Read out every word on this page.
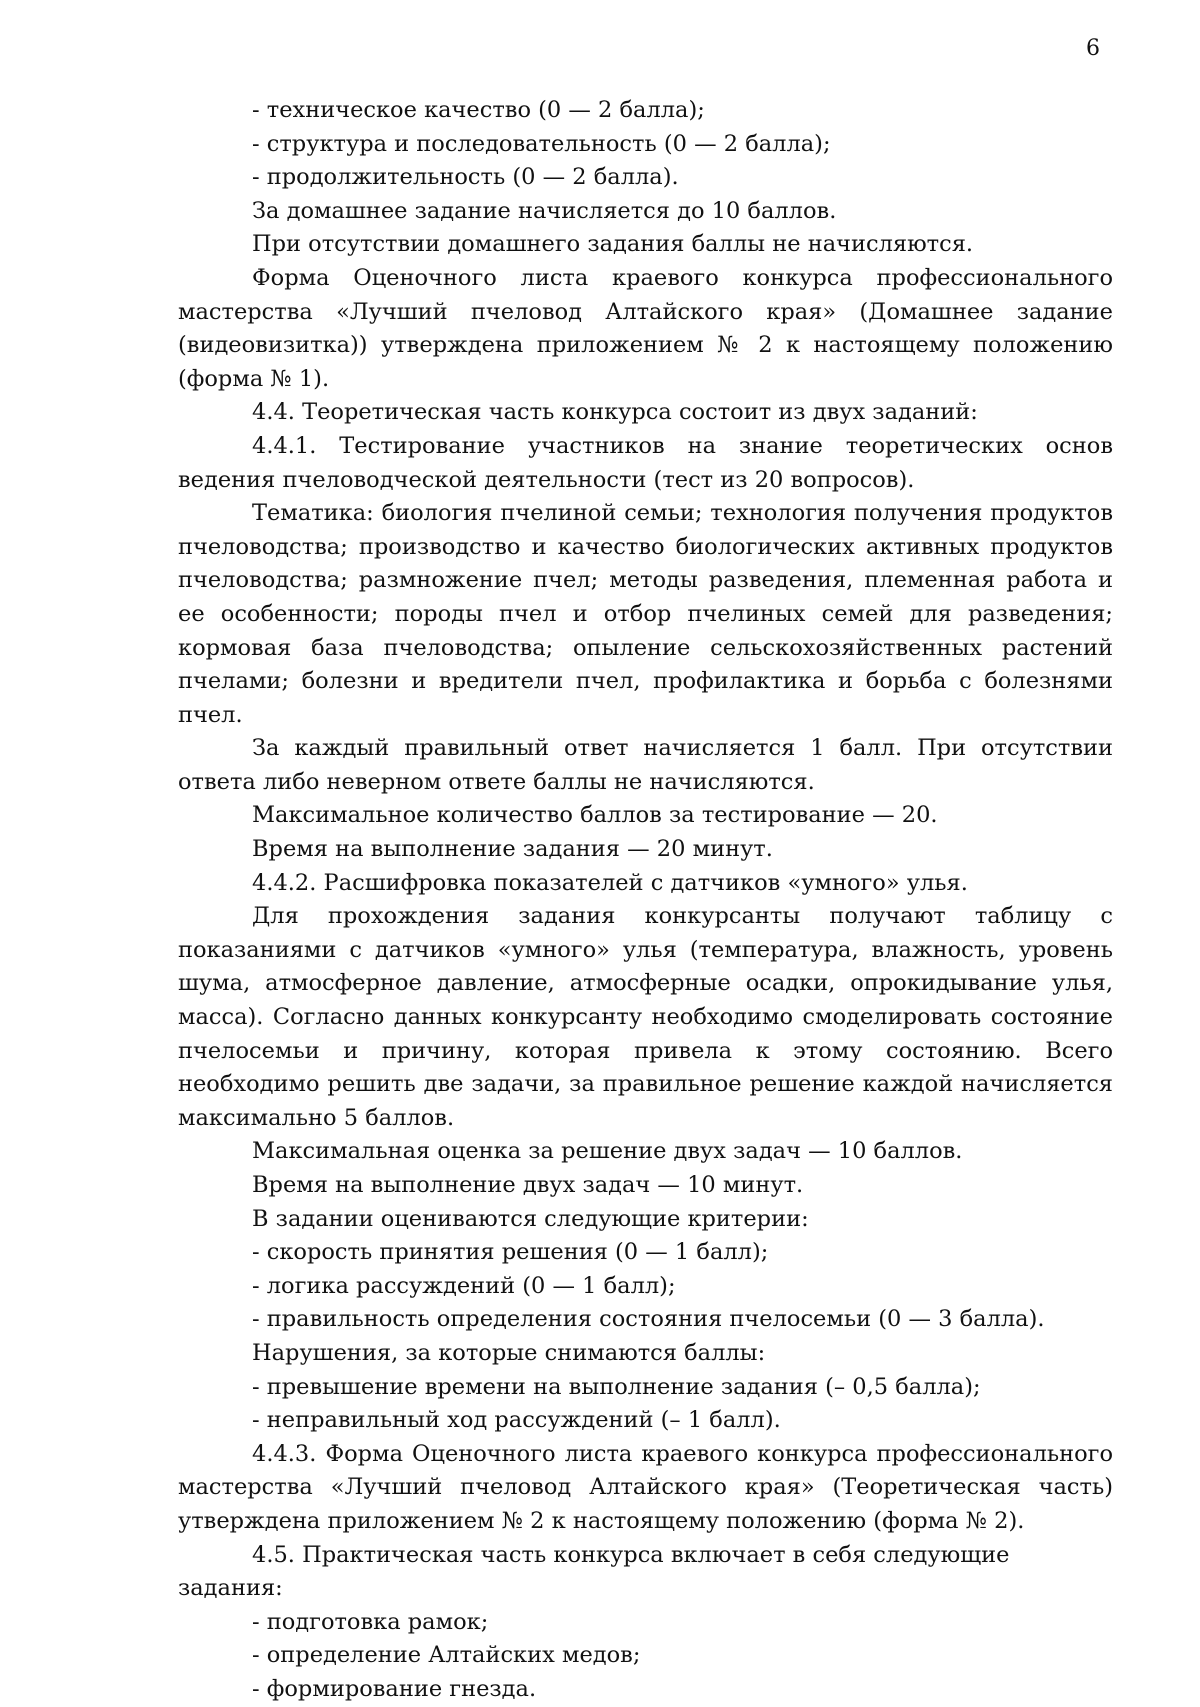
6

- техническое качество (0 — 2 балла);

- структура и последовательность (0 — 2 балла);

- продолжительность (0 — 2 балла).

За домашнее задание начисляется до 10 баллов.

При отсутствии домашнего задания баллы не начисляются.

Форма Оценочного листа краевого конкурса профессионального мастерства «Лучший пчеловод Алтайского края» (Домашнее задание (видеовизитка)) утверждена приложением № 2 к настоящему положению (форма № 1).

4.4. Теоретическая часть конкурса состоит из двух заданий:

4.4.1. Тестирование участников на знание теоретических основ ведения пчеловодческой деятельности (тест из 20 вопросов).

Тематика: биология пчелиной семьи; технология получения продуктов пчеловодства; производство и качество биологических активных продуктов пчеловодства; размножение пчел; методы разведения, племенная работа и ее особенности; породы пчел и отбор пчелиных семей для разведения; кормовая база пчеловодства; опыление сельскохозяйственных растений пчелами; болезни и вредители пчел, профилактика и борьба с болезнями пчел.

За каждый правильный ответ начисляется 1 балл. При отсутствии ответа либо неверном ответе баллы не начисляются.

Максимальное количество баллов за тестирование — 20.

Время на выполнение задания — 20 минут.

4.4.2. Расшифровка показателей с датчиков «умного» улья.

Для прохождения задания конкурсанты получают таблицу с показаниями с датчиков «умного» улья (температура, влажность, уровень шума, атмосферное давление, атмосферные осадки, опрокидывание улья, масса). Согласно данных конкурсанту необходимо смоделировать состояние пчелосемьи и причину, которая привела к этому состоянию. Всего необходимо решить две задачи, за правильное решение каждой начисляется максимально 5 баллов.

Максимальная оценка за решение двух задач — 10 баллов.

Время на выполнение двух задач — 10 минут.

В задании оцениваются следующие критерии:

- скорость принятия решения (0 — 1 балл);

- логика рассуждений (0 — 1 балл);

- правильность определения состояния пчелосемьи (0 — 3 балла).

Нарушения, за которые снимаются баллы:

- превышение времени на выполнение задания (– 0,5 балла);

- неправильный ход рассуждений (– 1 балл).

4.4.3. Форма Оценочного листа краевого конкурса профессионального мастерства «Лучший пчеловод Алтайского края» (Теоретическая часть) утверждена приложением № 2 к настоящему положению (форма № 2).

4.5. Практическая часть конкурса включает в себя следующие задания:

- подготовка рамок;

- определение Алтайских медов;

- формирование гнезда.
